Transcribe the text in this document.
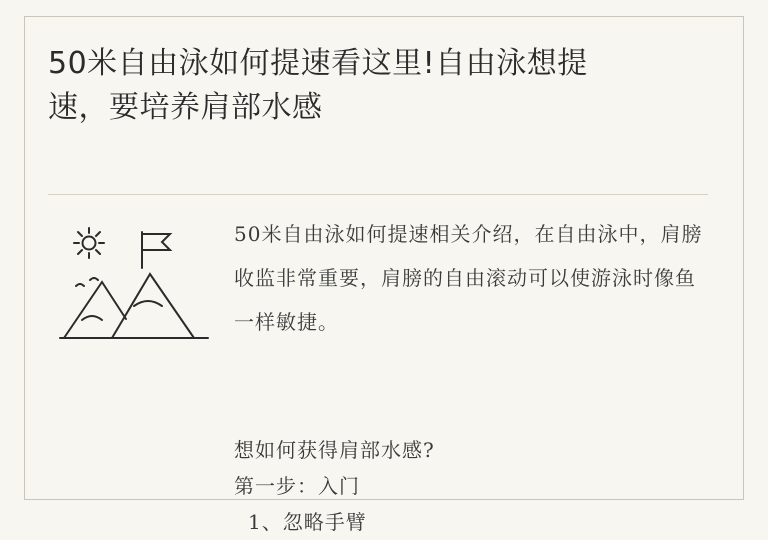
50米自由泳如何提速看这里!自由泳想提速，要培养肩部水感

50米自由泳如何提速相关介绍，在自由泳中，肩膀收监非常重要，肩膀的自由滚动可以使游泳时像鱼一样敏捷。

想如何获得肩部水感?

第一步：入门

1、忽略手臂
